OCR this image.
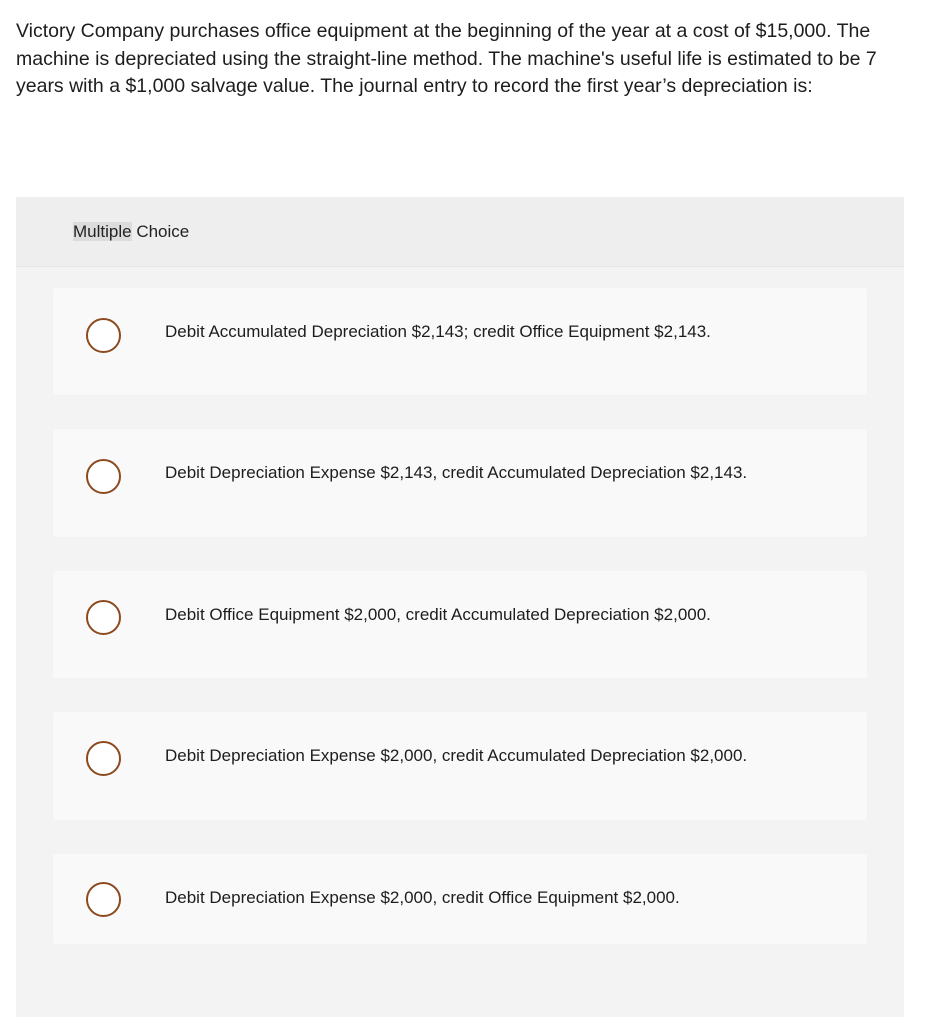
Victory Company purchases office equipment at the beginning of the year at a cost of $15,000. The machine is depreciated using the straight-line method. The machine's useful life is estimated to be 7 years with a $1,000 salvage value. The journal entry to record the first year’s depreciation is:

Multiple Choice
Debit Accumulated Depreciation $2,143; credit Office Equipment $2,143.
Debit Depreciation Expense $2,143, credit Accumulated Depreciation $2,143.
Debit Office Equipment $2,000, credit Accumulated Depreciation $2,000.
Debit Depreciation Expense $2,000, credit Accumulated Depreciation $2,000.
Debit Depreciation Expense $2,000, credit Office Equipment $2,000.
